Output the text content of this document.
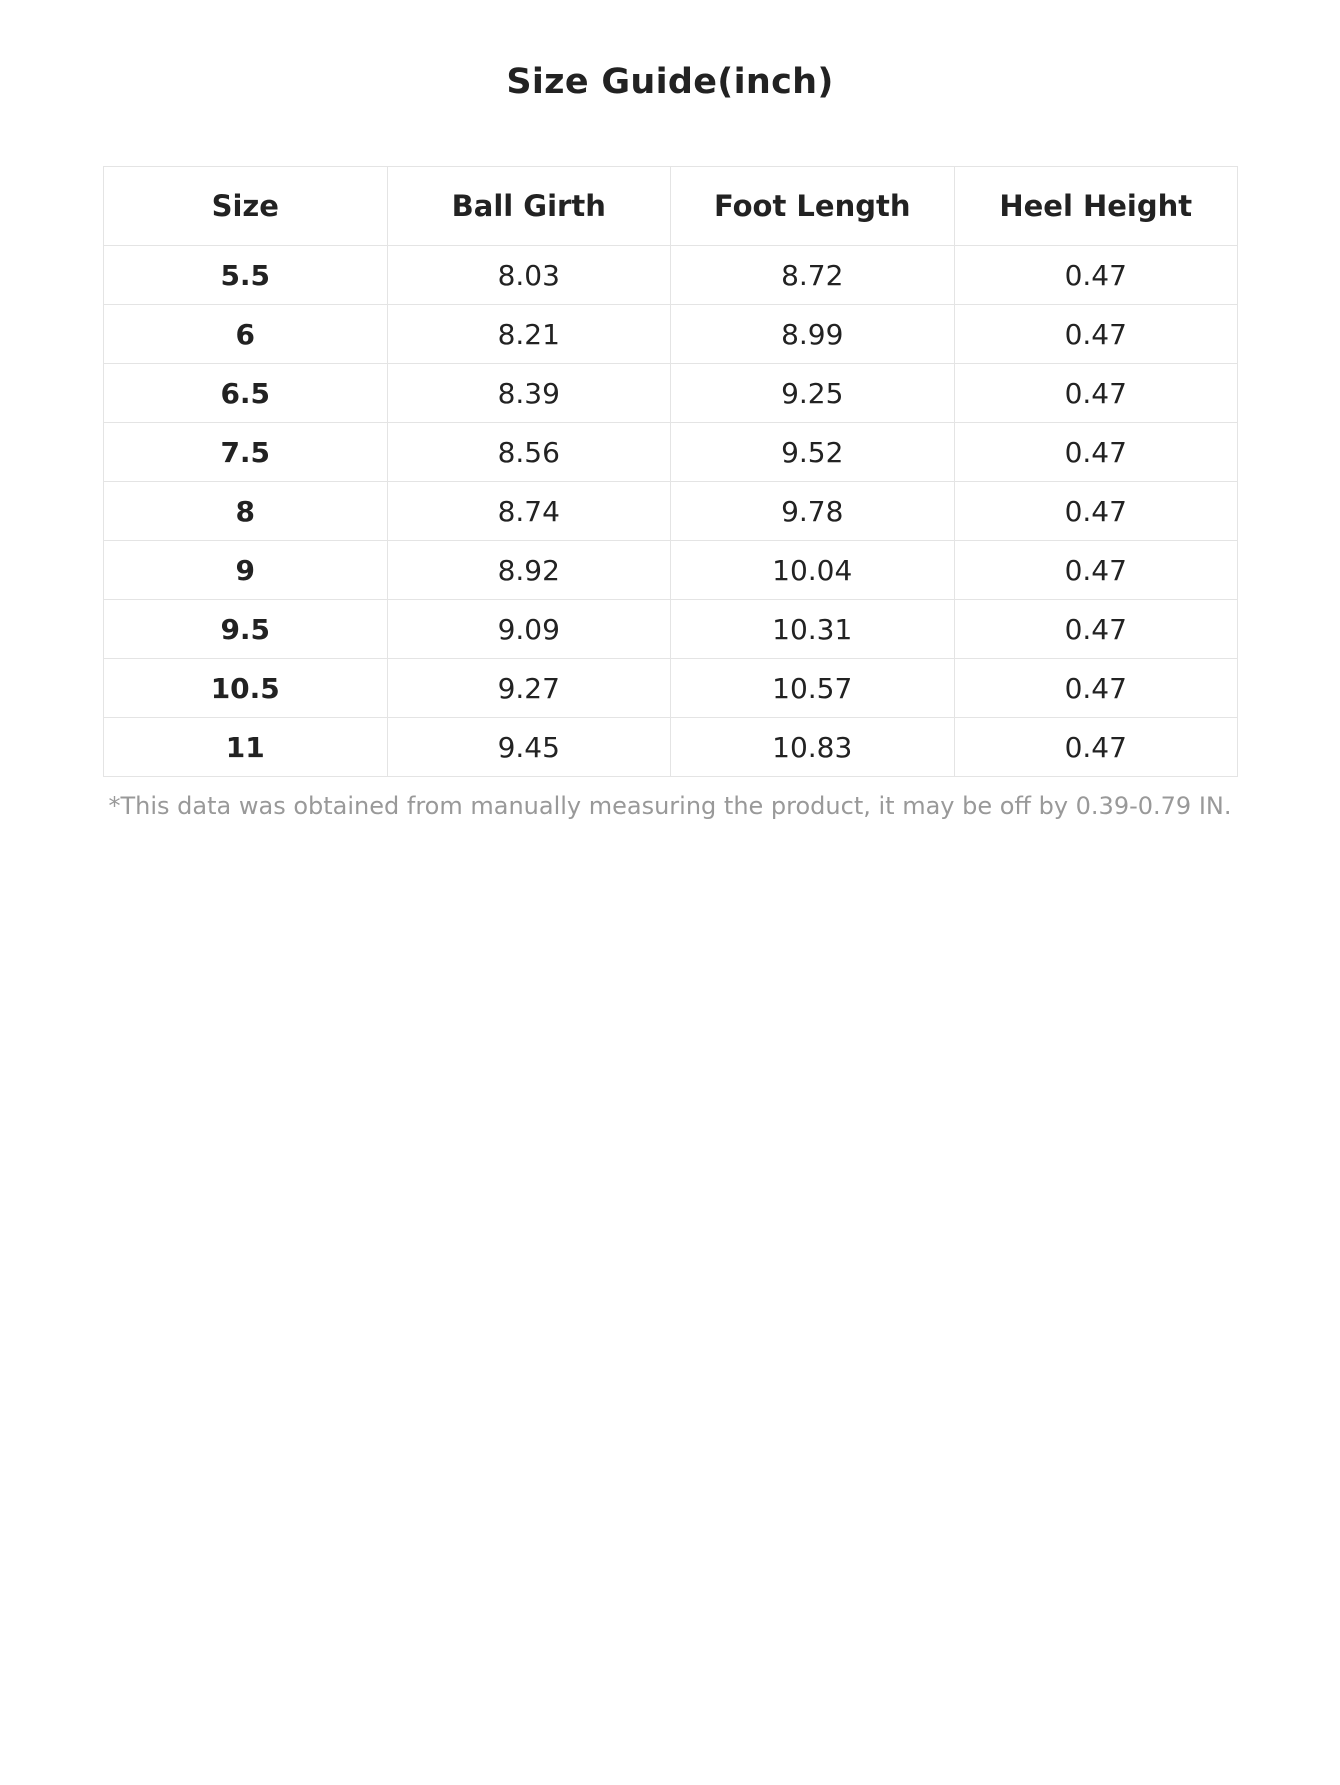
Size Guide(inch)
Size	Ball Girth	Foot Length	Heel Height
5.5	8.03	8.72	0.47
6	8.21	8.99	0.47
6.5	8.39	9.25	0.47
7.5	8.56	9.52	0.47
8	8.74	9.78	0.47
9	8.92	10.04	0.47
9.5	9.09	10.31	0.47
10.5	9.27	10.57	0.47
11	9.45	10.83	0.47
*This data was obtained from manually measuring the product, it may be off by 0.39-0.79 IN.
